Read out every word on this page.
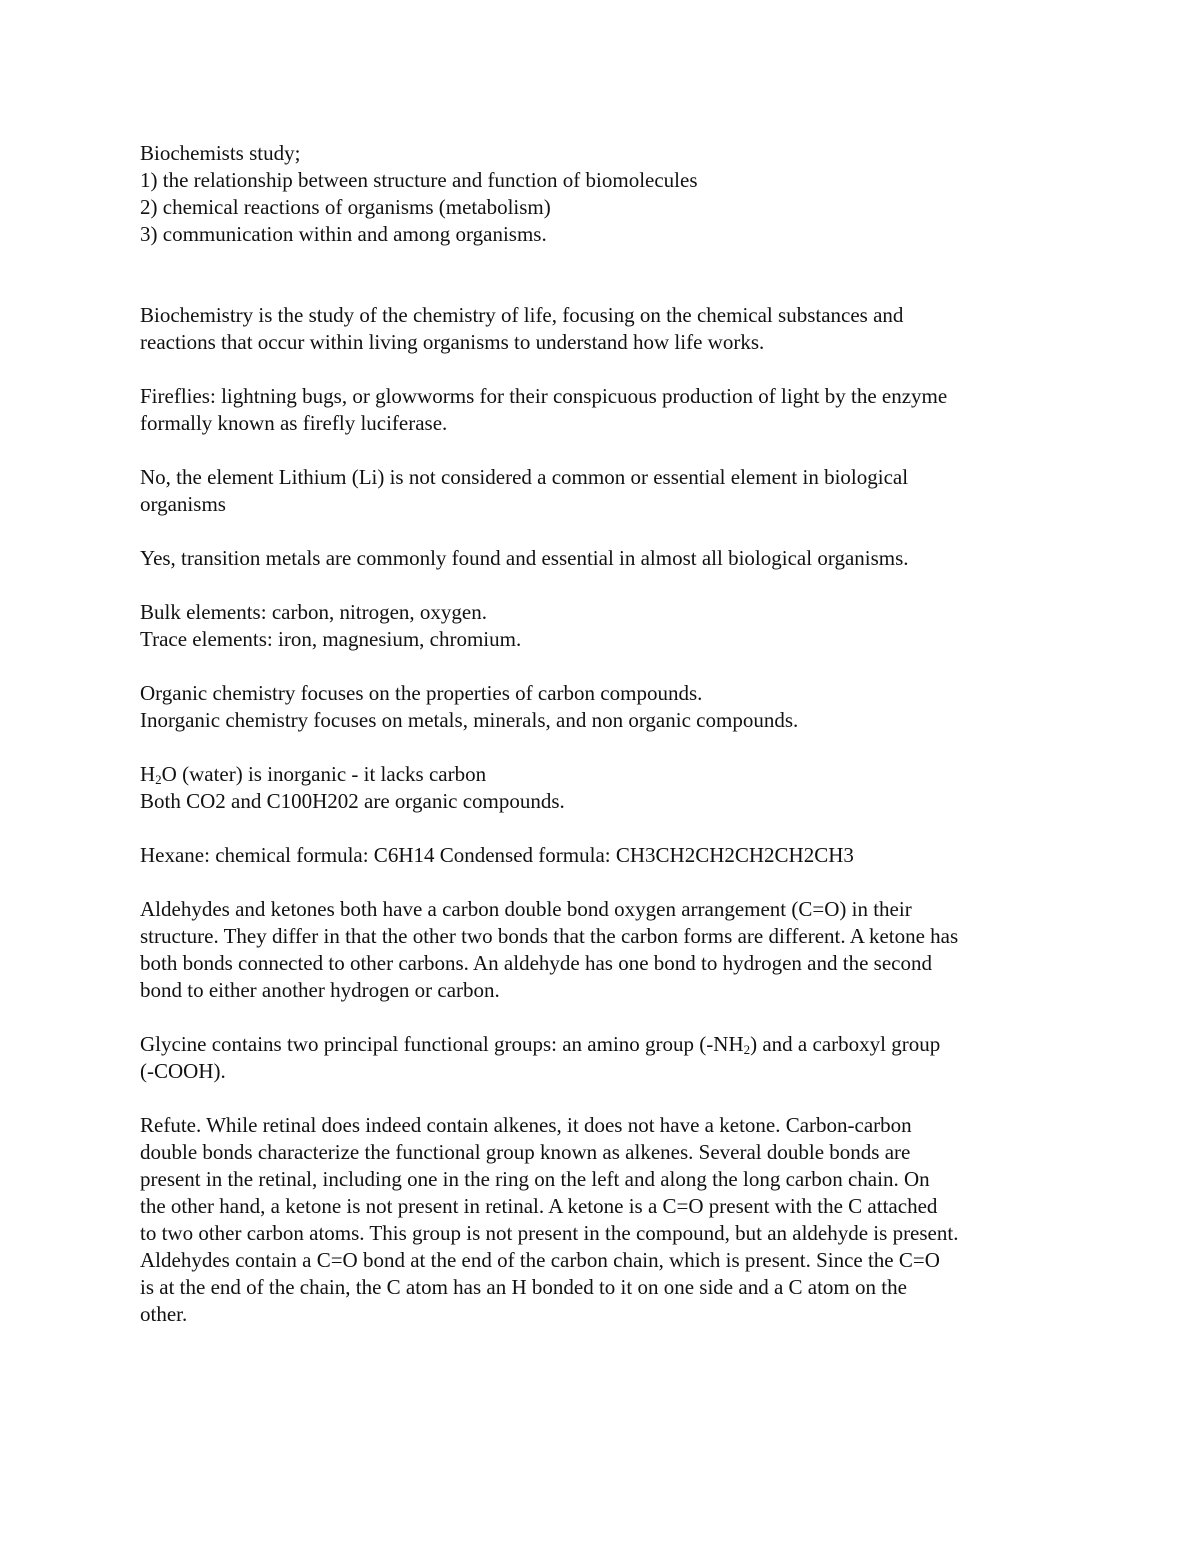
Biochemists study;

1) the relationship between structure and function of biomolecules

2) chemical reactions of organisms (metabolism)

3) communication within and among organisms.

Biochemistry is the study of the chemistry of life, focusing on the chemical substances and

reactions that occur within living organisms to understand how life works.

Fireflies: lightning bugs, or glowworms for their conspicuous production of light by the enzyme

formally known as firefly luciferase.

No, the element Lithium (Li) is not considered a common or essential element in biological

organisms

Yes, transition metals are commonly found and essential in almost all biological organisms.

Bulk elements: carbon, nitrogen, oxygen.

Trace elements: iron, magnesium, chromium.

Organic chemistry focuses on the properties of carbon compounds.

Inorganic chemistry focuses on metals, minerals, and non organic compounds.

$H_2O$ (water) is inorganic - it lacks carbon

Both CO2 and C100H202 are organic compounds.

Hexane: chemical formula: C6H14 Condensed formula: CH3CH2CH2CH2CH2CH3

Aldehydes and ketones both have a carbon double bond oxygen arrangement (C=O) in their

structure. They differ in that the other two bonds that the carbon forms are different. A ketone has

both bonds connected to other carbons. An aldehyde has one bond to hydrogen and the second

bond to either another hydrogen or carbon.

Glycine contains two principal functional groups: an amino group $(-NH_2)$ and a carboxyl group

(-COOH).

Refute. While retinal does indeed contain alkenes, it does not have a ketone. Carbon-carbon

double bonds characterize the functional group known as alkenes. Several double bonds are

present in the retinal, including one in the ring on the left and along the long carbon chain. On

the other hand, a ketone is not present in retinal. A ketone is a C=O present with the C attached

to two other carbon atoms. This group is not present in the compound, but an aldehyde is present.

Aldehydes contain a C=O bond at the end of the carbon chain, which is present. Since the C=O

is at the end of the chain, the C atom has an H bonded to it on one side and a C atom on the

other.
